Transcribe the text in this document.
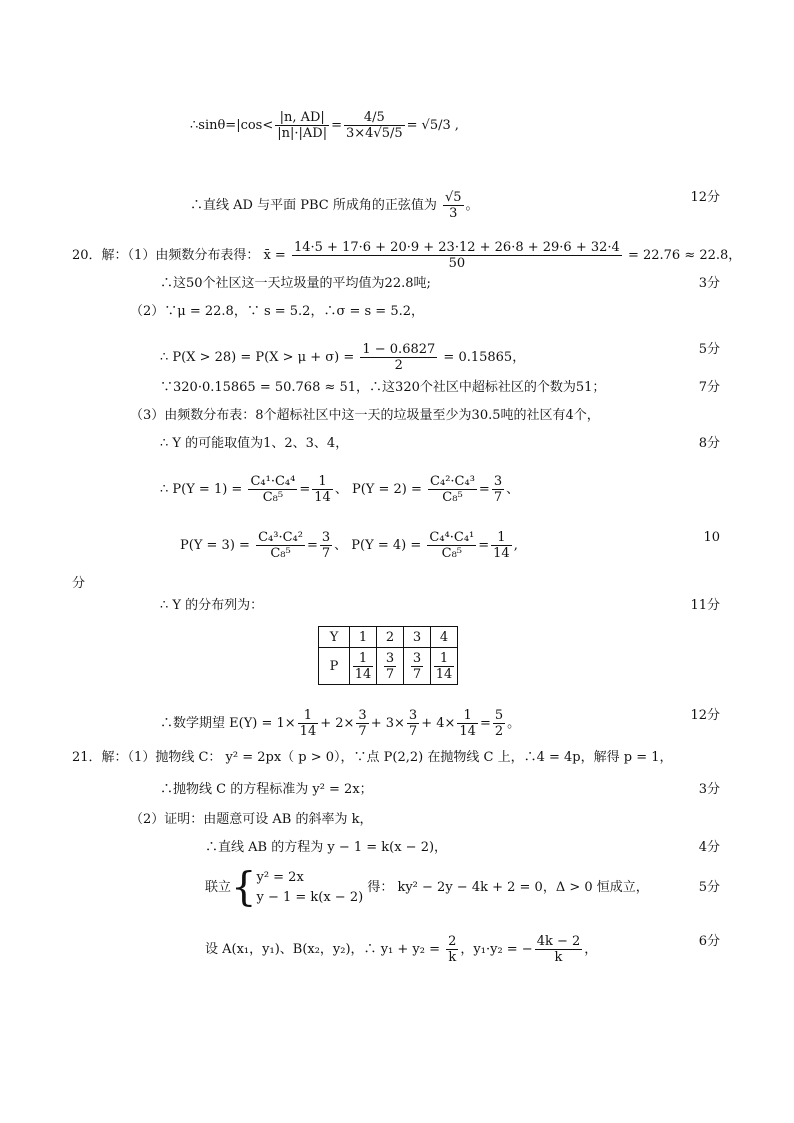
∴sinθ=|cos< $\frac{|n, AD|}{|n|\cdot|AD|} = \frac{4/5}{3\times 4√5/5} = √5/3$ ,
∴直线 AD 与平面 PBC 所成角的正弦值为 $\frac{√5}{3}$ 。
12分
20．解：（1）由频数分布表得： x̄ = $\frac{14\cdot 5 + 17\cdot 6 + 20\cdot 9 + 23\cdot 12 + 26\cdot 8 + 29\cdot 6 + 32\cdot 4}{50} = 22.76 \approx 22.8$，
∴这50个社区这一天垃圾量的平均值为22.8吨;	3分
（2）∵μ = 22.8，∵ s = 5.2，∴σ = s = 5.2，
∴ $P(X > 28) = P(X > \mu + \sigma) = \frac{1 - 0.6827}{2} = 0.15865$，
5分
∵320·0.15865 = 50.768 ≈ 51，∴这320个社区中超标社区的个数为51；	7分
（3）由频数分布表：8个超标社区中这一天的垃圾量至少为30.5吨的社区有4个，
∴ Y 的可能取值为1、2、3、4，	8分
∴ $P(Y = 1) = \frac{\text{C₄¹·C₄⁴}}{\text{C₈⁵}} = \frac{1}{14}$ 、 $P(Y = 2) = \frac{\text{C₄²·C₄³}}{\text{C₈⁵}} = \frac{3}{7}$ 、
$P(Y = 3) = \frac{\text{C₄³·C₄²}}{\text{C₈⁵}} = \frac{3}{7}$ 、 $P(Y = 4) = \frac{\text{C₄⁴·C₄¹}}{\text{C₈⁵}} = \frac{1}{14}$ ,
10
分
∴ Y 的分布列为：	11分
Y	1	2	3	4
P	$\frac{1}{14}$	$\frac{3}{7}$	$\frac{3}{7}$	$\frac{1}{14}$
∴数学期望 $E(Y) = 1\times \frac{1}{14} + 2\times \frac{3}{7} + 3\times \frac{3}{7} + 4\times \frac{1}{14} = \frac{5}{2}$ 。
12分
21．解：（1）抛物线 C： y² = 2px（ p > 0），∵点 P(2,2) 在抛物线 C 上，∴4 = 4p，解得 p = 1，
∴抛物线 C 的方程标准为 y² = 2x；	3分
（2）证明：由题意可设 AB 的斜率为 k，
∴直线 AB 的方程为 y − 1 = k(x − 2)，	4分
联立{ y² = 2x
y − 1 = k(x − 2)
得： ky² − 2y − 4k + 2 = 0，Δ > 0 恒成立，	5分
设 A(x₁，y₁)、B(x₂，y₂)，∴ $y_1 + y_2 = \frac{2}{k}$ ，y₁·y₂ = − $\frac{4k - 2}{k}$ ，
6分
